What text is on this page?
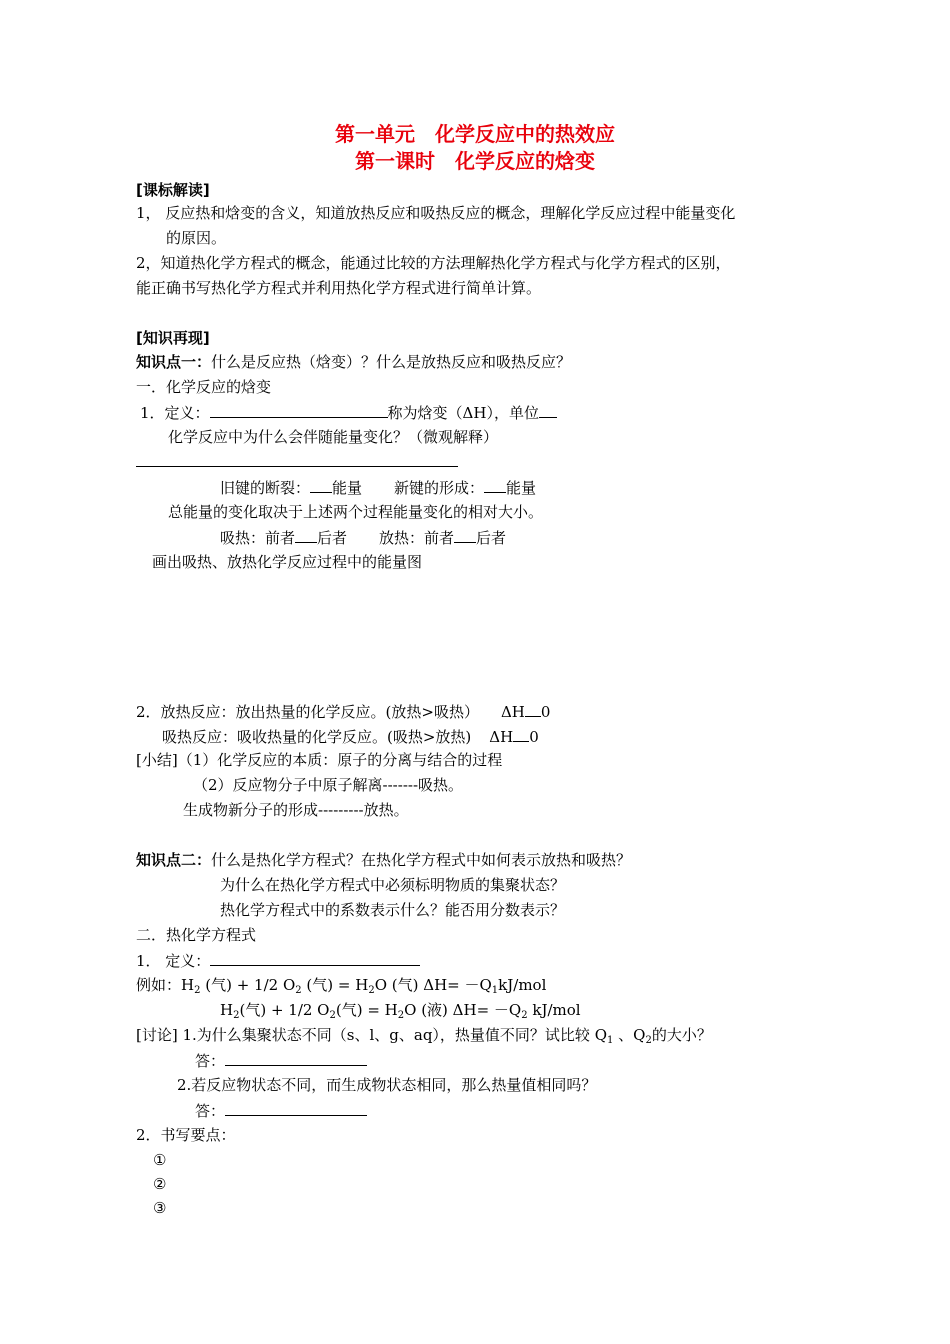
第一单元　化学反应中的热效应
第一课时　化学反应的焓变
[课标解读]
1， 反应热和焓变的含义，知道放热反应和吸热反应的概念，理解化学反应过程中能量变化
的原因。
2，知道热化学方程式的概念，能通过比较的方法理解热化学方程式与化学方程式的区别，
能正确书写热化学方程式并利用热化学方程式进行简单计算。
[知识再现]
知识点一：什么是反应热（焓变）？什么是放热反应和吸热反应？
一．化学反应的焓变
1．定义：	称为焓变（ΔH），单位
化学反应中为什么会伴随能量变化？（微观解释）
旧键的断裂： 能量 新键的形成： 能量
总能量的变化取决于上述两个过程能量变化的相对大小。
吸热：前者 后者 放热：前者 后者
画出吸热、放热化学反应过程中的能量图
2．放热反应：放出热量的化学反应。(放热>吸热） ΔH 0
吸热反应：吸收热量的化学反应。(吸热>放热) ΔH 0
[小结]（1）化学反应的本质：原子的分离与结合的过程
（2）反应物分子中原子解离-------吸热。
生成物新分子的形成---------放热。
知识点二：什么是热化学方程式？在热化学方程式中如何表示放热和吸热？
为什么在热化学方程式中必须标明物质的集聚状态？
热化学方程式中的系数表示什么？能否用分数表示？
二．热化学方程式
1． 定义：
例如：$H_2$ (气) + 1/2 $O_2$ (气) = $H_2O$ (气) $\Delta H= -Q_1kJ$/mol
$H_2$(气) + 1/2 $O_2$(气) = $H_2O$ (液) $\Delta H= -Q_2$ kJ/mol
[讨论] 1.为什么集聚状态不同（s、l、g、aq），热量值不同？试比较 $Q_1$ 、$Q_2$的大小？
答：
2.若反应物状态不同，而生成物状态相同，那么热量值相同吗？
答：
2．书写要点：
①
②
③
